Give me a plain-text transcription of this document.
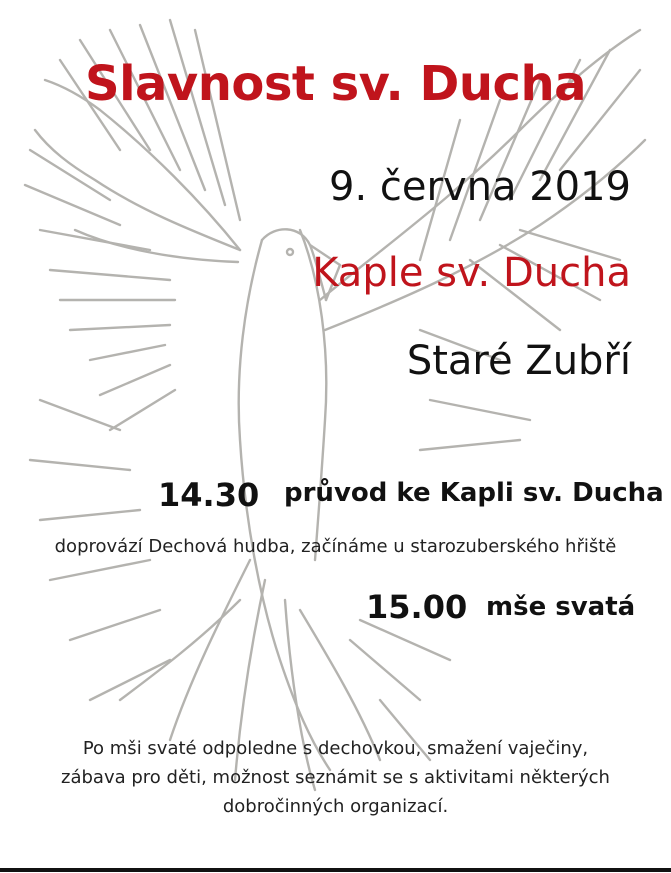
Slavnost sv. Ducha
9. června 2019
Kaple sv. Ducha
Staré Zubří
14.30 průvod ke Kapli sv. Ducha
doprovází Dechová hudba, začínáme u starozuberského hřiště
15.00 mše svatá
Po mši svaté odpoledne s dechovkou, smažení vaječiny,
zábava pro děti, možnost seznámit se s aktivitami některých
dobročinných organizací.
